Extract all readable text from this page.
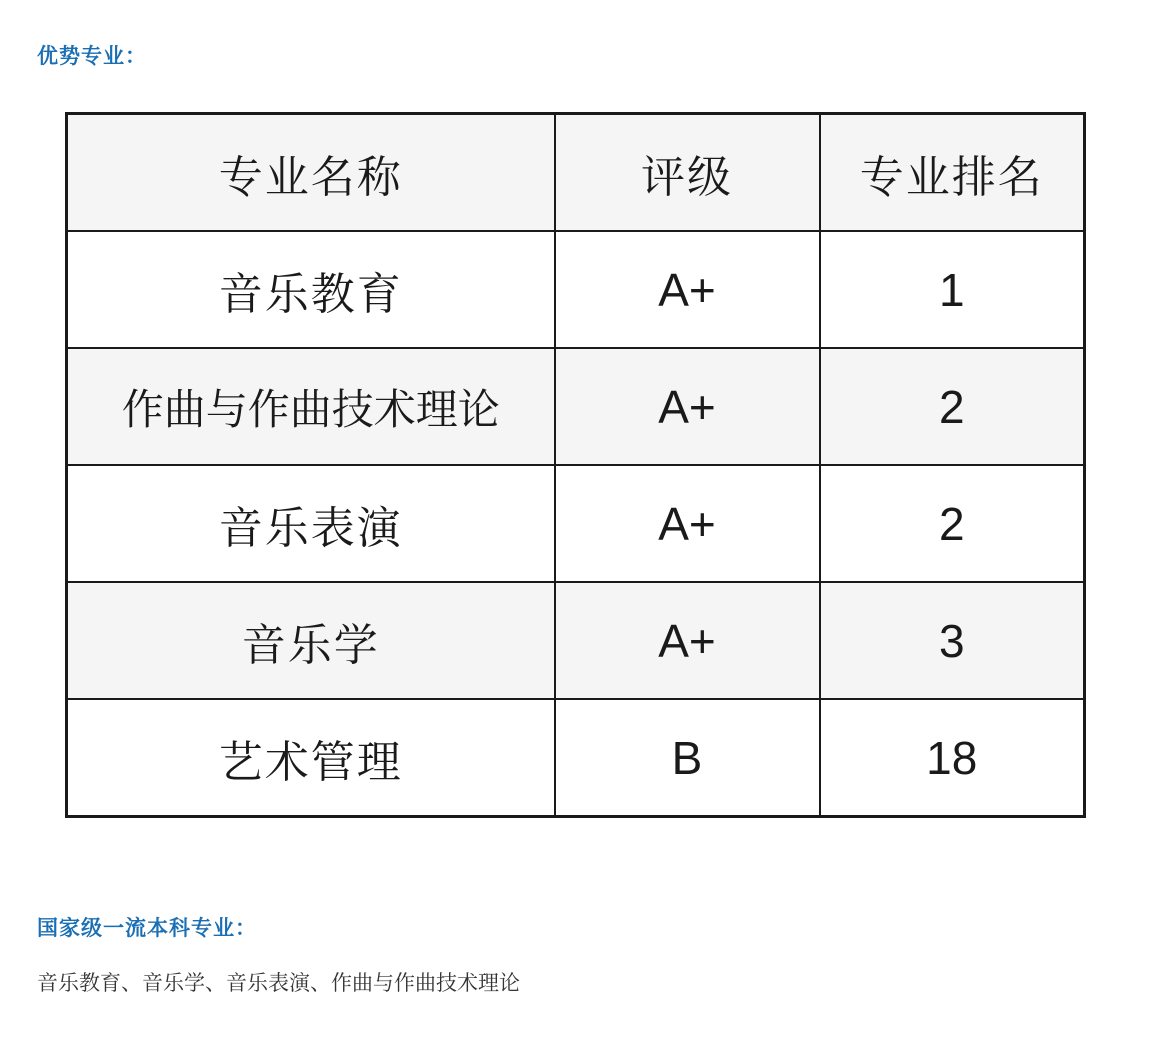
优势专业：
专业名称	评级	专业排名
音乐教育	A+	1
作曲与作曲技术理论	A+	2
音乐表演	A+	2
音乐学	A+	3
艺术管理	B	18
国家级一流本科专业：

音乐教育、音乐学、音乐表演、作曲与作曲技术理论
